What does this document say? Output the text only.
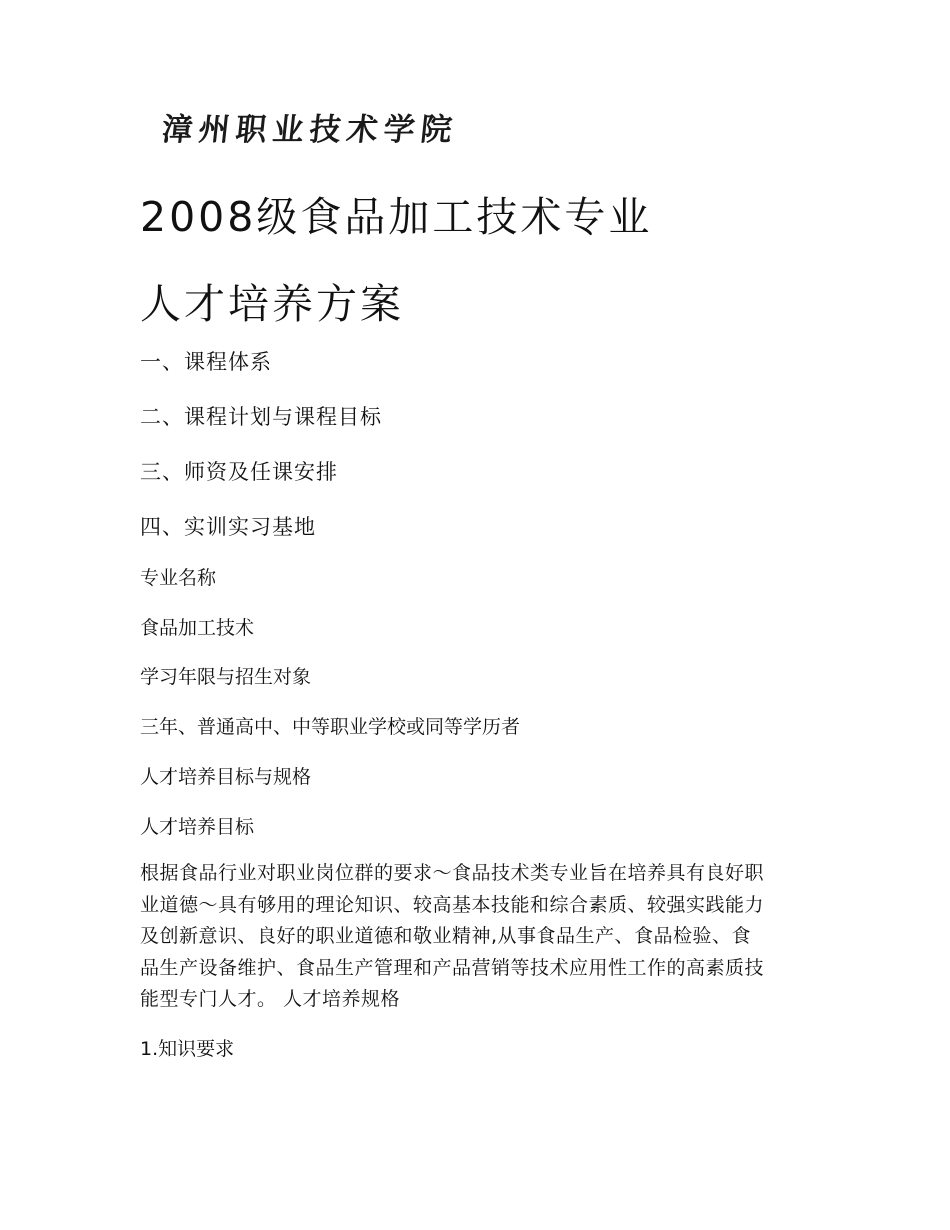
漳州职业技术学院
2008级食品加工技术专业
人才培养方案
一、课程体系
二、课程计划与课程目标
三、师资及任课安排
四、实训实习基地
专业名称
食品加工技术
学习年限与招生对象
三年、普通高中、中等职业学校或同等学历者
人才培养目标与规格
人才培养目标
根据食品行业对职业岗位群的要求～食品技术类专业旨在培养具有良好职
业道德～具有够用的理论知识、较高基本技能和综合素质、较强实践能力
及创新意识、良好的职业道德和敬业精神,从事食品生产、食品检验、食
品生产设备维护、食品生产管理和产品营销等技术应用性工作的高素质技
能型专门人才。 人才培养规格
1.知识要求
